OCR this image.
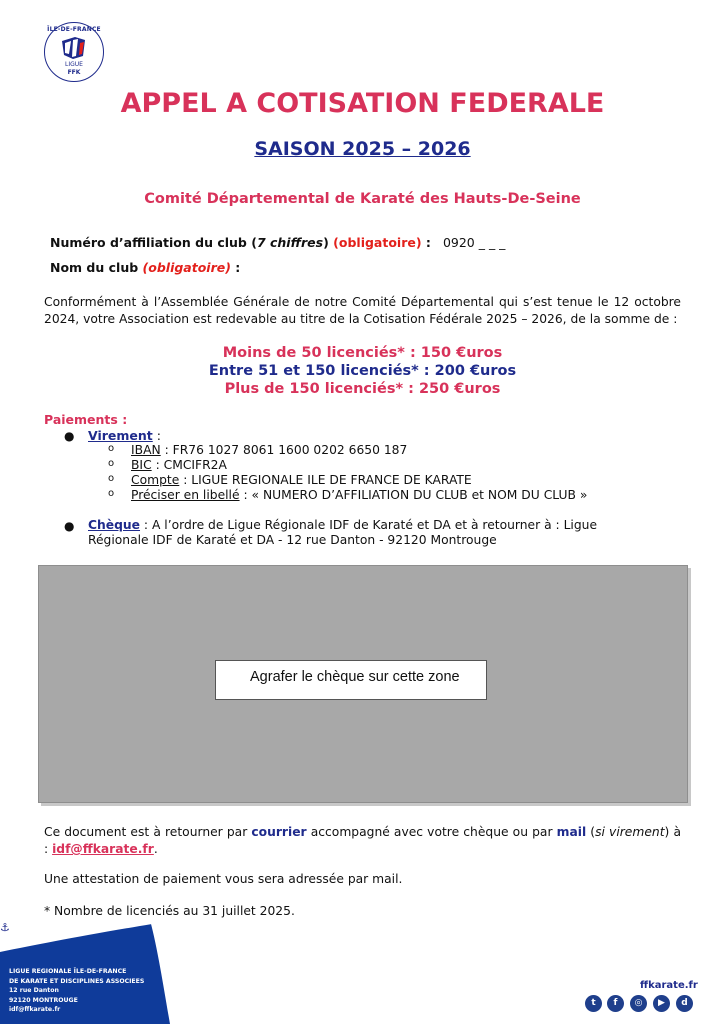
ÎLE-DE-FRANCE
LIGUE
FFK
APPEL A COTISATION FEDERALE
SAISON 2025 – 2026
Comité Départemental de Karaté des Hauts-De-Seine
Numéro d’affiliation du club (7 chiffres) (obligatoire) : 0920 _ _ _
Nom du club (obligatoire) :
Conformément à l’Assemblée Générale de notre Comité Départemental qui s’est tenue le 12 octobre 2024, votre Association est redevable au titre de la Cotisation Fédérale 2025 – 2026, de la somme de :
Moins de 50 licenciés* : 150 €uros
Entre 51 et 150 licenciés* : 200 €uros
Plus de 150 licenciés* : 250 €uros
Paiements :
● Virement :
o IBAN : FR76 1027 8061 1600 0202 6650 187
o BIC : CMCIFR2A
o Compte : LIGUE REGIONALE ILE DE FRANCE DE KARATE
o Préciser en libellé : « NUMERO D’AFFILIATION DU CLUB et NOM DU CLUB »
● Chèque : A l’ordre de Ligue Régionale IDF de Karaté et DA et à retourner à : Ligue Régionale IDF de Karaté et DA - 12 rue Danton - 92120 Montrouge
Agrafer le chèque sur cette zone
Ce document est à retourner par courrier accompagné avec votre chèque ou par mail (si virement) à : idf@ffkarate.fr.
Une attestation de paiement vous sera adressée par mail.
* Nombre de licenciés au 31 juillet 2025.
⚓
LIGUE REGIONALE ÎLE-DE-FRANCE
DE KARATE ET DISCIPLINES ASSOCIEES
12 rue Danton
92120 MONTROUGE
idf@ffkarate.fr
ffkarate.fr
t	f	◎	▶	d
